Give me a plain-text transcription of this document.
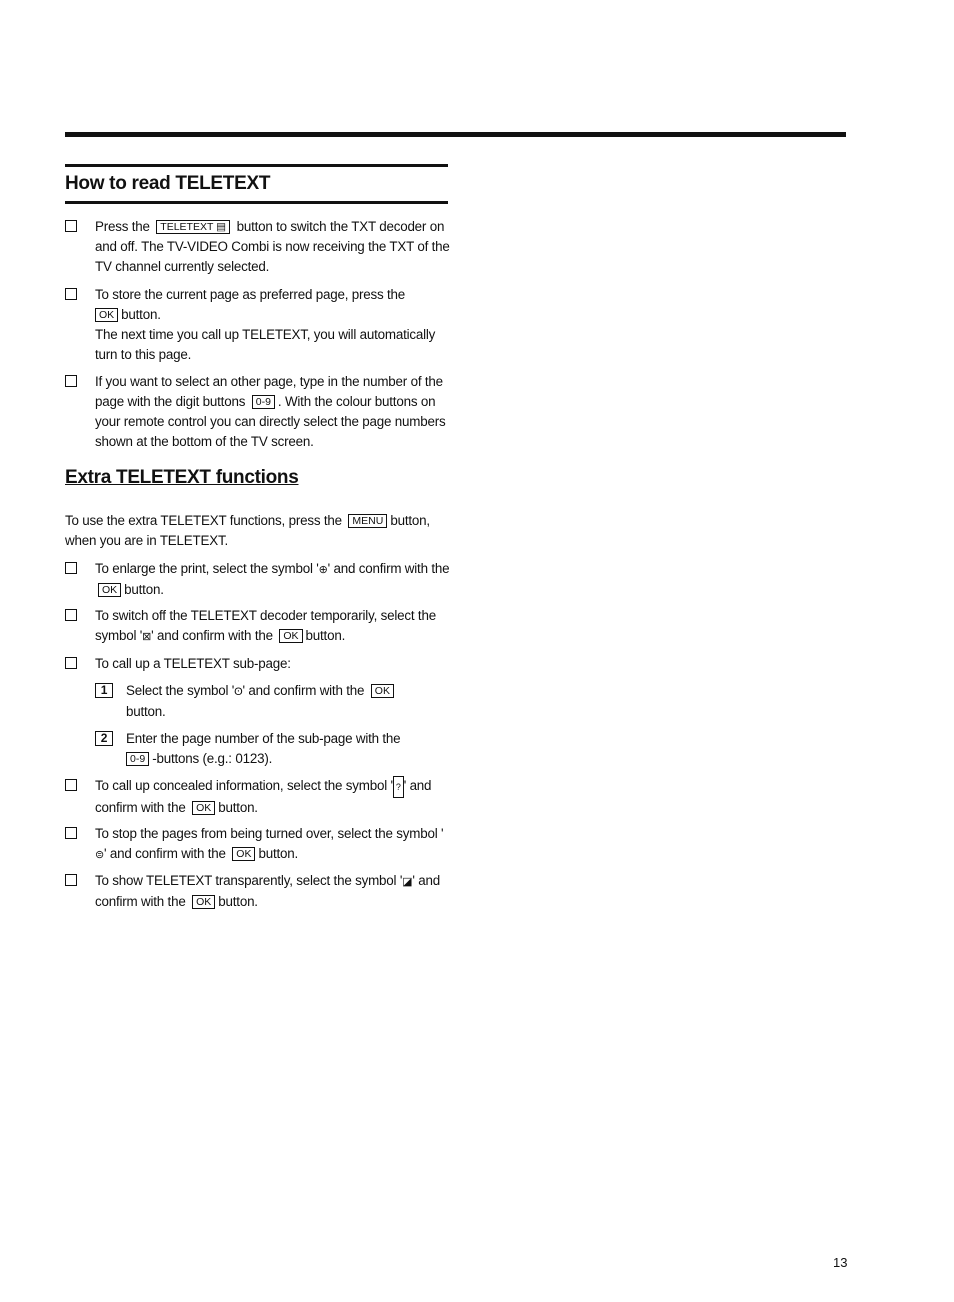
How to read TELETEXT
Press the TELETEXT ▤ button to switch the TXT decoder on and off. The TV-VIDEO Combi is now receiving the TXT of the TV channel currently selected.
To store the current page as preferred page, press the
OK button.
The next time you call up TELETEXT, you will automatically turn to this page.
If you want to select an other page, type in the number of the page with the digit buttons 0-9 . With the colour buttons on your remote control you can directly select the page numbers shown at the bottom of the TV screen.
Extra TELETEXT functions
To use the extra TELETEXT functions, press the MENU button, when you are in TELETEXT.
To enlarge the print, select the symbol '⊕' and confirm with the OK button.
To switch off the TELETEXT decoder temporarily, select the symbol '⊠' and confirm with the OK button.
To call up a TELETEXT sub-page:
1	Select the symbol 'ʘ' and confirm with the OK
button.
2	Enter the page number of the sub-page with the
0-9 -buttons (e.g.: 0123).
To call up concealed information, select the symbol ' ? ' and confirm with the OK button.
To stop the pages from being turned over, select the symbol '⊜' and confirm with the OK button.
To show TELETEXT transparently, select the symbol '◪' and confirm with the OK button.
13
